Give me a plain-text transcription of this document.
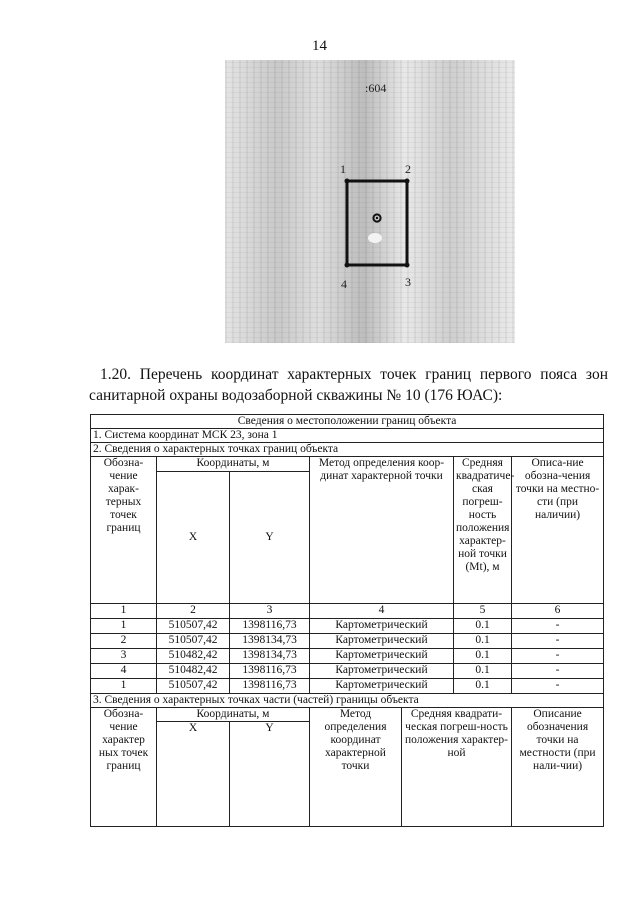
14
:604
1	2
3
4
1.20. Перечень координат характерных точек границ первого пояса зон
санитарной охраны водозаборной скважины № 10 (176 ЮАС):
Сведения о местоположении границ объекта						
1. Система координат МСК 23, зона 1						
2. Сведения о характерных точках границ объекта						
Обозна-чение харак-терных точек границ	Координаты, м		Метод определения коор-динат характерной точки		Средняя квадратиче-ская погреш-ность положения характер-ной точки (Mt), м	Описа-ние обозна-чения точки на местно-сти (при наличии)
	X	Y				
1	2	3	4		5	6
1	510507,42	1398116,73	Картометрический		0.1	-
2	510507,42	1398134,73	Картометрический		0.1	-
3	510482,42	1398134,73	Картометрический		0.1	-
4	510482,42	1398116,73	Картометрический		0.1	-
1	510507,42	1398116,73	Картометрический		0.1	-
3. Сведения о характерных точках части (частей) границы объекта						
Обозна-чение характер ных точек границ	Координаты, м		Метод определения координат характерной точки	Средняя квадрати-ческая погреш-ность положения характер-ной		Описание обозначения точки на местности (при нали-чии)
	X	Y				
